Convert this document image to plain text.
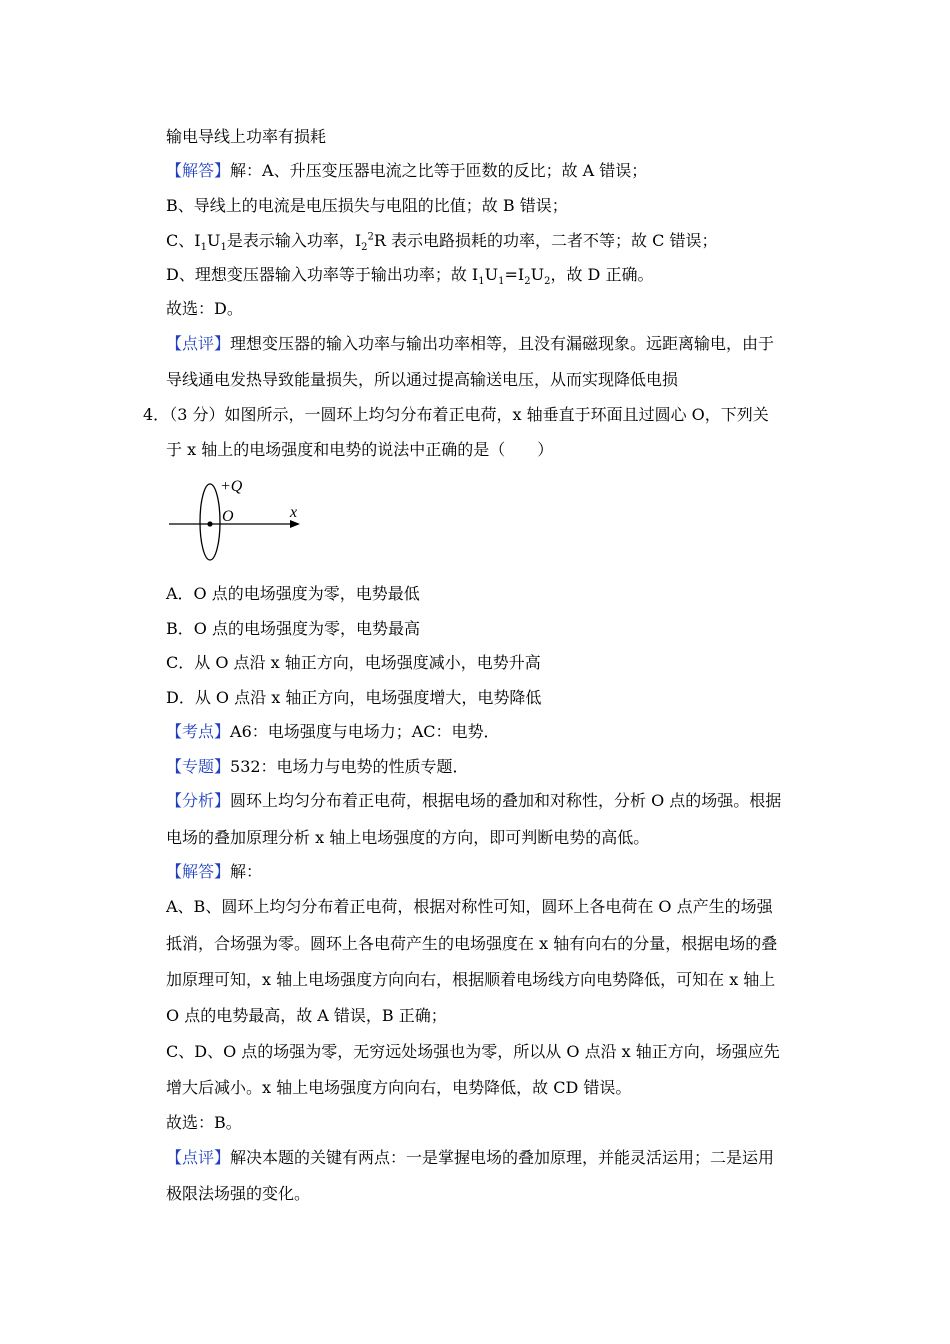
输电导线上功率有损耗
【解答】解：A、升压变压器电流之比等于匝数的反比；故 A 错误；
B、导线上的电流是电压损失与电阻的比值；故 B 错误；
C、$I_1U_1$是表示输入功率，$I_2^2R$ 表示电路损耗的功率，二者不等；故 C 错误；
D、理想变压器输入功率等于输出功率；故 $I_1U_1=I_2U_2$，故 D 正确。
故选：D。
【点评】理想变压器的输入功率与输出功率相等，且没有漏磁现象。远距离输电，由于
导线通电发热导致能量损失，所以通过提高输送电压，从而实现降低电损
4．（3 分）如图所示，一圆环上均匀分布着正电荷，x 轴垂直于环面且过圆心 O，下列关
于 x 轴上的电场强度和电势的说法中正确的是（　　）
+Q
O	x
A．O 点的电场强度为零，电势最低
B．O 点的电场强度为零，电势最高
C．从 O 点沿 x 轴正方向，电场强度减小，电势升高
D．从 O 点沿 x 轴正方向，电场强度增大，电势降低
【考点】A6：电场强度与电场力；AC：电势．
【专题】532：电场力与电势的性质专题．
【分析】圆环上均匀分布着正电荷，根据电场的叠加和对称性，分析 O 点的场强。根据
电场的叠加原理分析 x 轴上电场强度的方向，即可判断电势的高低。
【解答】解：
A、B、圆环上均匀分布着正电荷，根据对称性可知，圆环上各电荷在 O 点产生的场强
抵消，合场强为零。圆环上各电荷产生的电场强度在 x 轴有向右的分量，根据电场的叠
加原理可知，x 轴上电场强度方向向右，根据顺着电场线方向电势降低，可知在 x 轴上
O 点的电势最高，故 A 错误，B 正确；
C、D、O 点的场强为零，无穷远处场强也为零，所以从 O 点沿 x 轴正方向，场强应先
增大后减小。x 轴上电场强度方向向右，电势降低，故 CD 错误。
故选：B。
【点评】解决本题的关键有两点：一是掌握电场的叠加原理，并能灵活运用；二是运用
极限法场强的变化。
